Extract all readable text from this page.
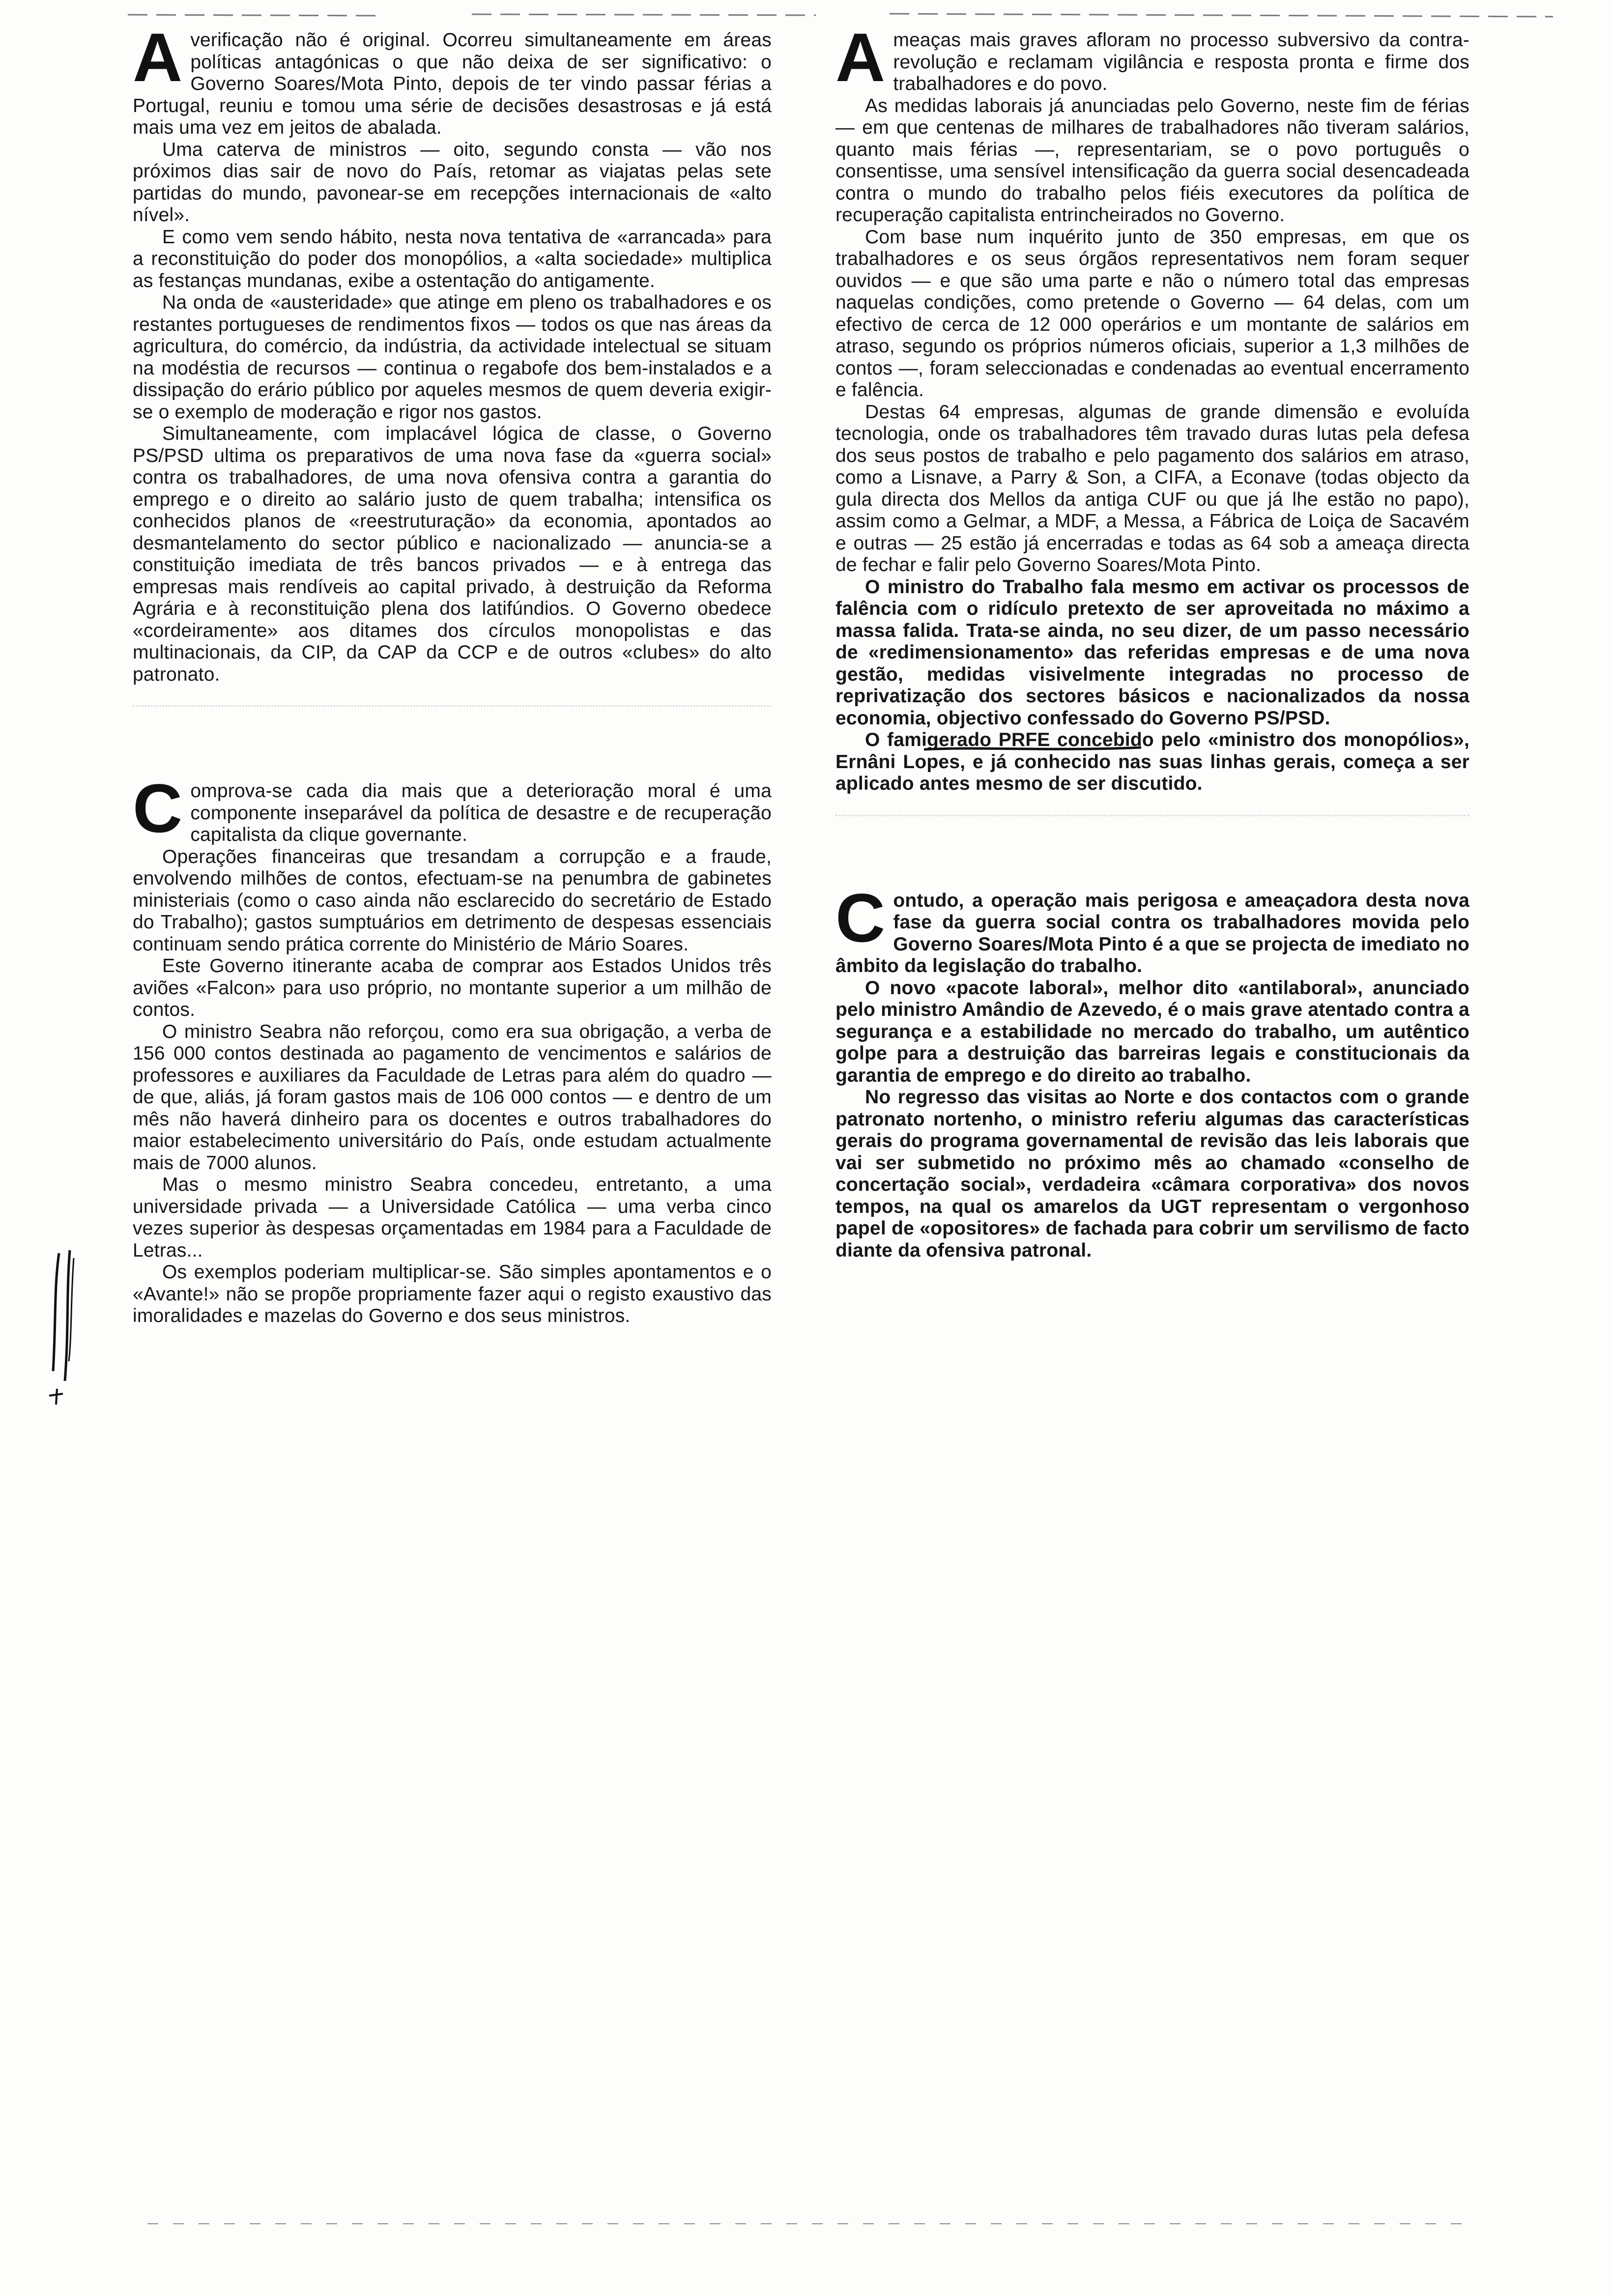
Averificação não é original. Ocorreu simultaneamente em áreas políticas antagónicas o que não deixa de ser significativo: o Governo Soares/Mota Pinto, depois de ter vindo passar férias a Portugal, reuniu e tomou uma série de decisões desastrosas e já está mais uma vez em jeitos de abalada.

Uma caterva de ministros — oito, segundo consta — vão nos próximos dias sair de novo do País, retomar as viajatas pelas sete partidas do mundo, pavonear-se em recepções internacionais de «alto nível».

E como vem sendo hábito, nesta nova tentativa de «arrancada» para a reconstituição do poder dos monopólios, a «alta sociedade» multiplica as festanças mundanas, exibe a ostentação do antigamente.

Na onda de «austeridade» que atinge em pleno os trabalhadores e os restantes portugueses de rendimentos fixos — todos os que nas áreas da agricultura, do comércio, da indústria, da actividade intelectual se situam na modéstia de recursos — continua o regabofe dos bem-instalados e a dissipação do erário público por aqueles mesmos de quem deveria exigir-se o exemplo de moderação e rigor nos gastos.

Simultaneamente, com implacável lógica de classe, o Governo PS/PSD ultima os preparativos de uma nova fase da «guerra social» contra os trabalhadores, de uma nova ofensiva contra a garantia do emprego e o direito ao salário justo de quem trabalha; intensifica os conhecidos planos de «reestruturação» da economia, apontados ao desmantelamento do sector público e nacionalizado — anuncia-se a constituição imediata de três bancos privados — e à entrega das empresas mais rendíveis ao capital privado, à destruição da Reforma Agrária e à reconstituição plena dos latifúndios. O Governo obedece «cordeiramente» aos ditames dos círculos monopolistas e das multinacionais, da CIP, da CAP da CCP e de outros «clubes» do alto patronato.

Comprova-se cada dia mais que a deterioração moral é uma componente inseparável da política de desastre e de recuperação capitalista da clique governante.

Operações financeiras que tresandam a corrupção e a fraude, envolvendo milhões de contos, efectuam-se na penumbra de gabinetes ministeriais (como o caso ainda não esclarecido do secretário de Estado do Trabalho); gastos sumptuários em detrimento de despesas essenciais continuam sendo prática corrente do Ministério de Mário Soares.

Este Governo itinerante acaba de comprar aos Estados Unidos três aviões «Falcon» para uso próprio, no montante superior a um milhão de contos.

O ministro Seabra não reforçou, como era sua obrigação, a verba de 156 000 contos destinada ao pagamento de vencimentos e salários de professores e auxiliares da Faculdade de Letras para além do quadro — de que, aliás, já foram gastos mais de 106 000 contos — e dentro de um mês não haverá dinheiro para os docentes e outros trabalhadores do maior estabelecimento universitário do País, onde estudam actualmente mais de 7000 alunos.

Mas o mesmo ministro Seabra concedeu, entretanto, a uma universidade privada — a Universidade Católica — uma verba cinco vezes superior às despesas orçamentadas em 1984 para a Faculdade de Letras...

Os exemplos poderiam multiplicar-se. São simples apontamentos e o «Avante!» não se propõe propriamente fazer aqui o registo exaustivo das imoralidades e mazelas do Governo e dos seus ministros.

Ameaças mais graves afloram no processo subversivo da contra-revolução e reclamam vigilância e resposta pronta e firme dos trabalhadores e do povo.

As medidas laborais já anunciadas pelo Governo, neste fim de férias — em que centenas de milhares de trabalhadores não tiveram salários, quanto mais férias —, representariam, se o povo português o consentisse, uma sensível intensificação da guerra social desencadeada contra o mundo do trabalho pelos fiéis executores da política de recuperação capitalista entrincheirados no Governo.

Com base num inquérito junto de 350 empresas, em que os trabalhadores e os seus órgãos representativos nem foram sequer ouvidos — e que são uma parte e não o número total das empresas naquelas condições, como pretende o Governo — 64 delas, com um efectivo de cerca de 12 000 operários e um montante de salários em atraso, segundo os próprios números oficiais, superior a 1,3 milhões de contos —, foram seleccionadas e condenadas ao eventual encerramento e falência.

Destas 64 empresas, algumas de grande dimensão e evoluída tecnologia, onde os trabalhadores têm travado duras lutas pela defesa dos seus postos de trabalho e pelo pagamento dos salários em atraso, como a Lisnave, a Parry & Son, a CIFA, a Econave (todas objecto da gula directa dos Mellos da antiga CUF ou que já lhe estão no papo), assim como a Gelmar, a MDF, a Messa, a Fábrica de Loiça de Sacavém e outras — 25 estão já encerradas e todas as 64 sob a ameaça directa de fechar e falir pelo Governo Soares/Mota Pinto.

O ministro do Trabalho fala mesmo em activar os processos de falência com o ridículo pretexto de ser aproveitada no máximo a massa falida. Trata-se ainda, no seu dizer, de um passo necessário de «redimensionamento» das referidas empresas e de uma nova gestão, medidas visivelmente integradas no processo de reprivatização dos sectores básicos e nacionalizados da nossa economia, objectivo confessado do Governo PS/PSD.

O famigerado PRFE concebido pelo «ministro dos monopólios», Ernâni Lopes, e já conhecido nas suas linhas gerais, começa a ser aplicado antes mesmo de ser discutido.

Contudo, a operação mais perigosa e ameaçadora desta nova fase da guerra social contra os trabalhadores movida pelo Governo Soares/Mota Pinto é a que se projecta de imediato no âmbito da legislação do trabalho.

O novo «pacote laboral», melhor dito «antilaboral», anunciado pelo ministro Amândio de Azevedo, é o mais grave atentado contra a segurança e a estabilidade no mercado do trabalho, um autêntico golpe para a destruição das barreiras legais e constitucionais da garantia de emprego e do direito ao trabalho.

No regresso das visitas ao Norte e dos contactos com o grande patronato nortenho, o ministro referiu algumas das características gerais do programa governamental de revisão das leis laborais que vai ser submetido no próximo mês ao chamado «conselho de concertação social», verdadeira «câmara corporativa» dos novos tempos, na qual os amarelos da UGT representam o vergonhoso papel de «opositores» de fachada para cobrir um servilismo de facto diante da ofensiva patronal.
